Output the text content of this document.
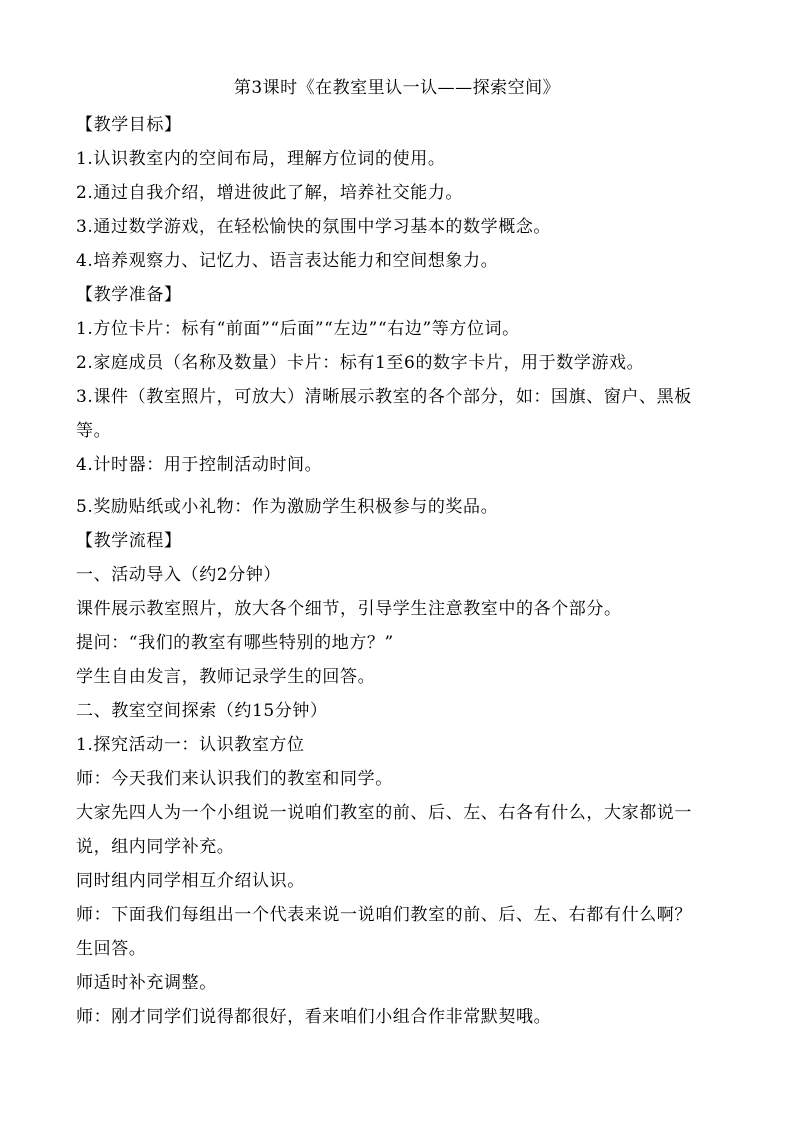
第3课时《在教室里认一认——探索空间》

【教学目标】

1.认识教室内的空间布局，理解方位词的使用。

2.通过自我介绍，增进彼此了解，培养社交能力。

3.通过数学游戏，在轻松愉快的氛围中学习基本的数学概念。

4.培养观察力、记忆力、语言表达能力和空间想象力。

【教学准备】

1.方位卡片：标有“前面”“后面”“左边”“右边”等方位词。

2.家庭成员（名称及数量）卡片：标有1至6的数字卡片，用于数学游戏。

3.课件（教室照片，可放大）清晰展示教室的各个部分，如：国旗、窗户、黑板等。

4.计时器：用于控制活动时间。

5.奖励贴纸或小礼物：作为激励学生积极参与的奖品。

【教学流程】

一、活动导入（约2分钟）

课件展示教室照片，放大各个细节，引导学生注意教室中的各个部分。

提问：“我们的教室有哪些特别的地方？”

学生自由发言，教师记录学生的回答。

二、教室空间探索（约15分钟）

1.探究活动一：认识教室方位

师：今天我们来认识我们的教室和同学。

大家先四人为一个小组说一说咱们教室的前、后、左、右各有什么，大家都说一说，组内同学补充。

同时组内同学相互介绍认识。

师：下面我们每组出一个代表来说一说咱们教室的前、后、左、右都有什么啊？

生回答。

师适时补充调整。

师：刚才同学们说得都很好，看来咱们小组合作非常默契哦。
